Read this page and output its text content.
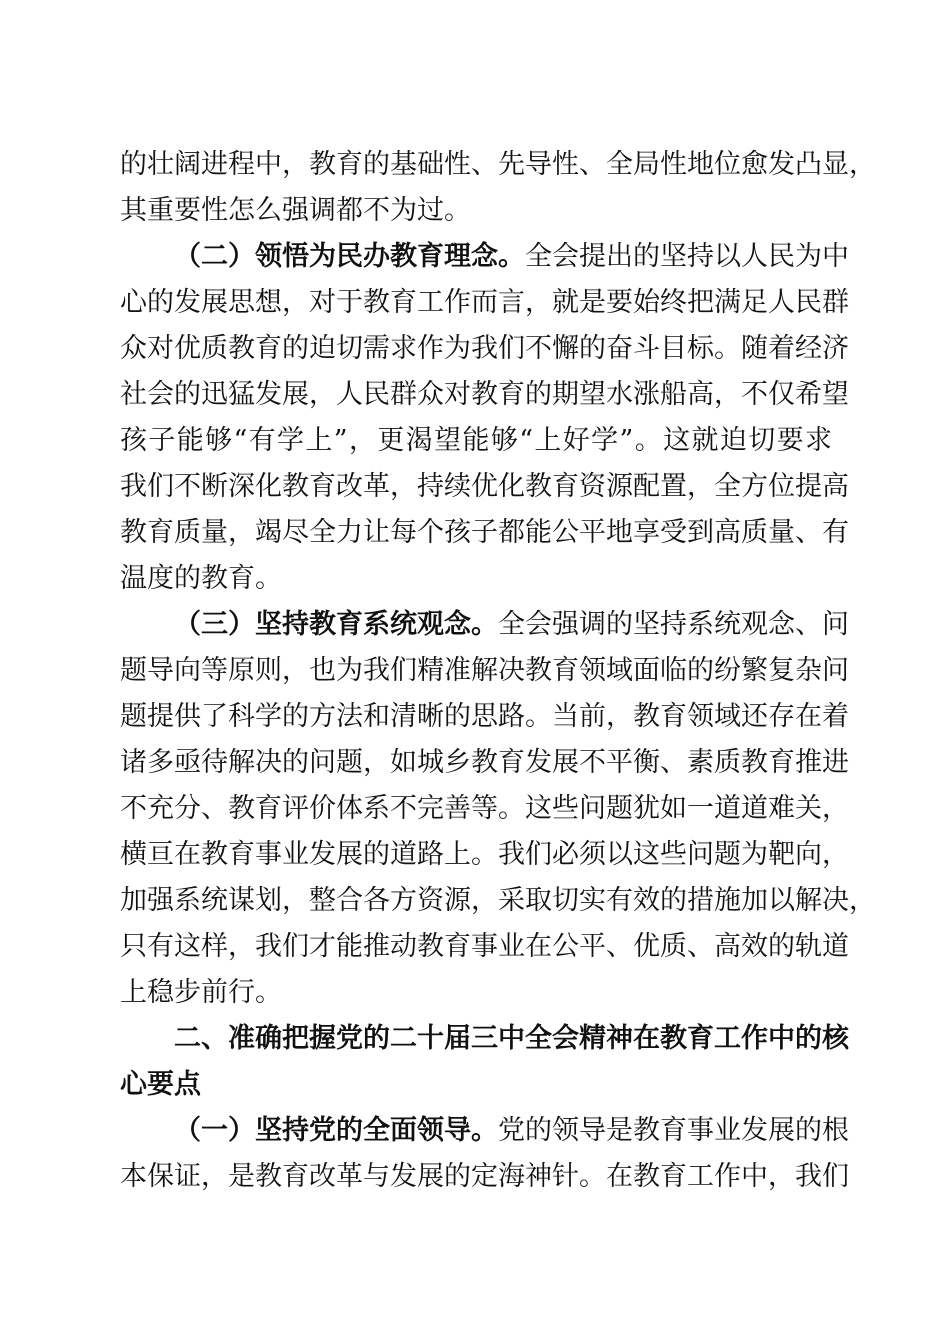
的壮阔进程中，教育的基础性、先导性、全局性地位愈发凸显，
其重要性怎么强调都不为过。
（二）领悟为民办教育理念。全会提出的坚持以人民为中
心的发展思想，对于教育工作而言，就是要始终把满足人民群
众对优质教育的迫切需求作为我们不懈的奋斗目标。随着经济
社会的迅猛发展，人民群众对教育的期望水涨船高，不仅希望
孩子能够“有学上”，更渴望能够“上好学”。这就迫切要求
我们不断深化教育改革，持续优化教育资源配置，全方位提高
教育质量，竭尽全力让每个孩子都能公平地享受到高质量、有
温度的教育。
（三）坚持教育系统观念。全会强调的坚持系统观念、问
题导向等原则，也为我们精准解决教育领域面临的纷繁复杂问
题提供了科学的方法和清晰的思路。当前，教育领域还存在着
诸多亟待解决的问题，如城乡教育发展不平衡、素质教育推进
不充分、教育评价体系不完善等。这些问题犹如一道道难关，
横亘在教育事业发展的道路上。我们必须以这些问题为靶向，
加强系统谋划，整合各方资源，采取切实有效的措施加以解决，
只有这样，我们才能推动教育事业在公平、优质、高效的轨道
上稳步前行。
二、准确把握党的二十届三中全会精神在教育工作中的核
心要点
（一）坚持党的全面领导。党的领导是教育事业发展的根
本保证，是教育改革与发展的定海神针。在教育工作中，我们
